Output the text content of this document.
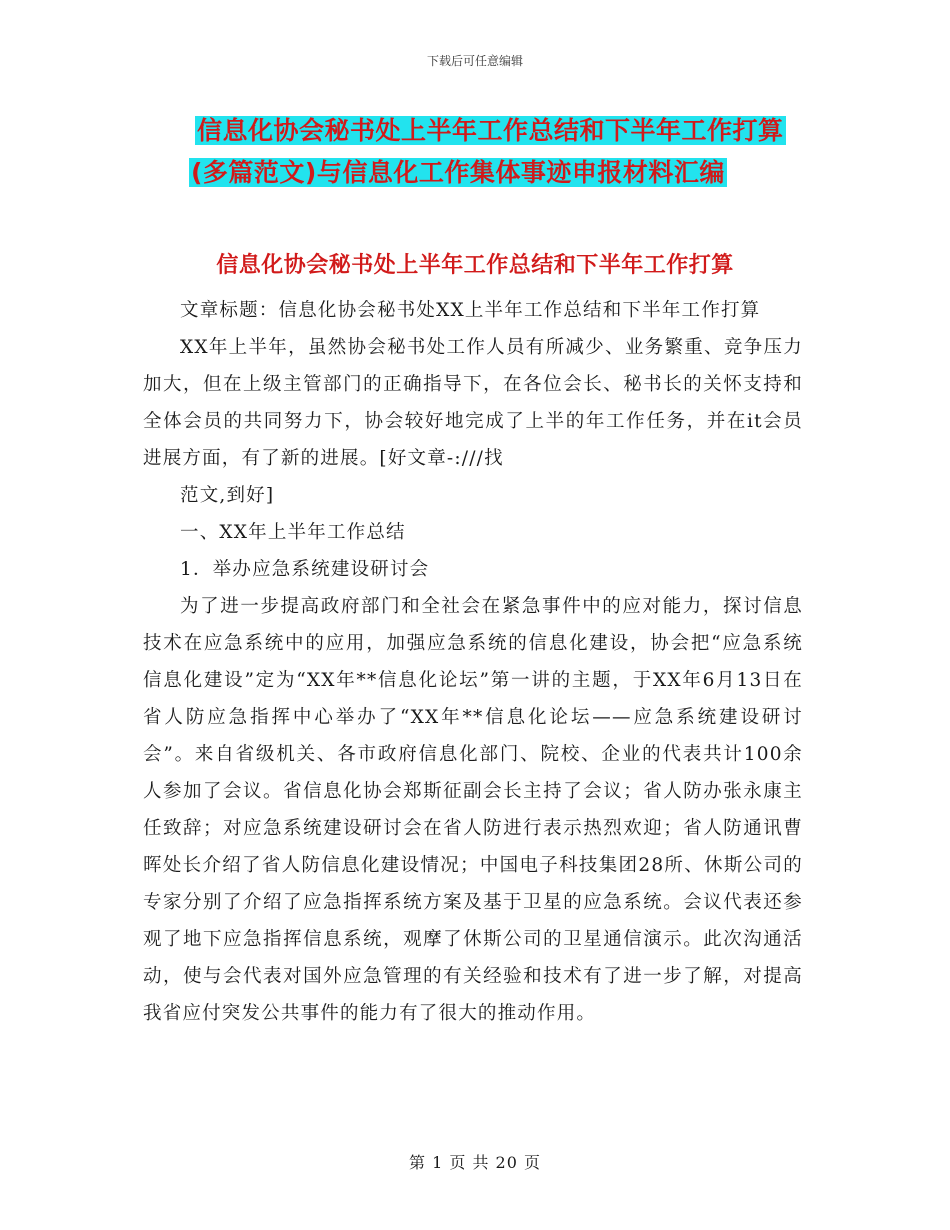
下载后可任意编辑
信息化协会秘书处上半年工作总结和下半年工作打算
(多篇范文)与信息化工作集体事迹申报材料汇编
信息化协会秘书处上半年工作总结和下半年工作打算

文章标题：信息化协会秘书处XX上半年工作总结和下半年工作打算

XX年上半年，虽然协会秘书处工作人员有所减少、业务繁重、竞争压力加大，但在上级主管部门的正确指导下，在各位会长、秘书长的关怀支持和全体会员的共同努力下，协会较好地完成了上半的年工作任务，并在it会员进展方面，有了新的进展。[好文章-:///找

范文,到好]

一、XX年上半年工作总结

1．举办应急系统建设研讨会

为了进一步提高政府部门和全社会在紧急事件中的应对能力，探讨信息技术在应急系统中的应用，加强应急系统的信息化建设，协会把“应急系统信息化建设”定为“XX年**信息化论坛”第一讲的主题，于XX年6月13日在省人防应急指挥中心举办了“XX年**信息化论坛——应急系统建设研讨会”。来自省级机关、各市政府信息化部门、院校、企业的代表共计100余人参加了会议。省信息化协会郑斯征副会长主持了会议；省人防办张永康主任致辞；对应急系统建设研讨会在省人防进行表示热烈欢迎；省人防通讯曹晖处长介绍了省人防信息化建设情况；中国电子科技集团28所、休斯公司的专家分别了介绍了应急指挥系统方案及基于卫星的应急系统。会议代表还参观了地下应急指挥信息系统，观摩了休斯公司的卫星通信演示。此次沟通活动，使与会代表对国外应急管理的有关经验和技术有了进一步了解，对提高我省应付突发公共事件的能力有了很大的推动作用。

第 1 页 共 20 页
